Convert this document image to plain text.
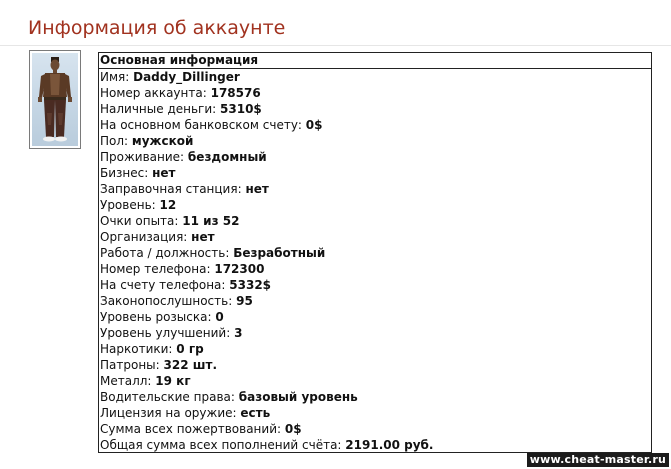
Информация об аккаунте
Основная информация
Имя: Daddy_Dillinger
Номер аккаунта: 178576
Наличные деньги: 5310$
На основном банковском счету: 0$
Пол: мужской
Проживание: бездомный
Бизнес: нет
Заправочная станция: нет
Уровень: 12
Очки опыта: 11 из 52
Организация: нет
Работа / должность: Безработный
Номер телефона: 172300
На счету телефона: 5332$
Законопослушность: 95
Уровень розыска: 0
Уровень улучшений: 3
Наркотики: 0 гр
Патроны: 322 шт.
Металл: 19 кг
Водительские права: базовый уровень
Лицензия на оружие: есть
Сумма всех пожертвований: 0$
Общая сумма всех пополнений счёта: 2191.00 руб.
www.cheat-master.ru
